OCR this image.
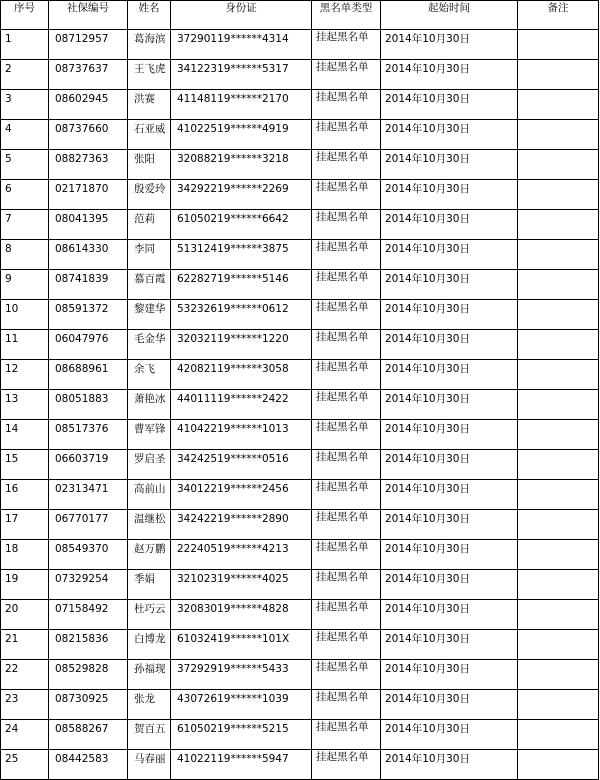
序号	社保编号	姓名	身份证	黑名单类型	起始时间	备注
1	08712957	葛海滨	37290119******4314	挂起黑名单	2014年10月30日	
2	08737637	王飞虎	34122319******5317	挂起黑名单	2014年10月30日	
3	08602945	洪赛	41148119******2170	挂起黑名单	2014年10月30日	
4	08737660	石亚威	41022519******4919	挂起黑名单	2014年10月30日	
5	08827363	张阳	32088219******3218	挂起黑名单	2014年10月30日	
6	02171870	殷爱玲	34292219******2269	挂起黑名单	2014年10月30日	
7	08041395	范莉	61050219******6642	挂起黑名单	2014年10月30日	
8	08614330	李同	51312419******3875	挂起黑名单	2014年10月30日	
9	08741839	慕百霞	62282719******5146	挂起黑名单	2014年10月30日	
10	08591372	黎建华	53232619******0612	挂起黑名单	2014年10月30日	
11	06047976	毛金华	32032119******1220	挂起黑名单	2014年10月30日	
12	08688961	余飞	42082119******3058	挂起黑名单	2014年10月30日	
13	08051883	萧艳冰	44011119******2422	挂起黑名单	2014年10月30日	
14	08517376	曹军锋	41042219******1013	挂起黑名单	2014年10月30日	
15	06603719	罗启圣	34242519******0516	挂起黑名单	2014年10月30日	
16	02313471	高前山	34012219******2456	挂起黑名单	2014年10月30日	
17	06770177	温继松	34242219******2890	挂起黑名单	2014年10月30日	
18	08549370	赵万鹏	22240519******4213	挂起黑名单	2014年10月30日	
19	07329254	季娟	32102319******4025	挂起黑名单	2014年10月30日	
20	07158492	杜巧云	32083019******4828	挂起黑名单	2014年10月30日	
21	08215836	白博龙	61032419******101X	挂起黑名单	2014年10月30日	
22	08529828	孙福现	37292919******5433	挂起黑名单	2014年10月30日	
23	08730925	张龙	43072619******1039	挂起黑名单	2014年10月30日	
24	08588267	贺百五	61050219******5215	挂起黑名单	2014年10月30日	
25	08442583	马春丽	41022119******5947	挂起黑名单	2014年10月30日	
